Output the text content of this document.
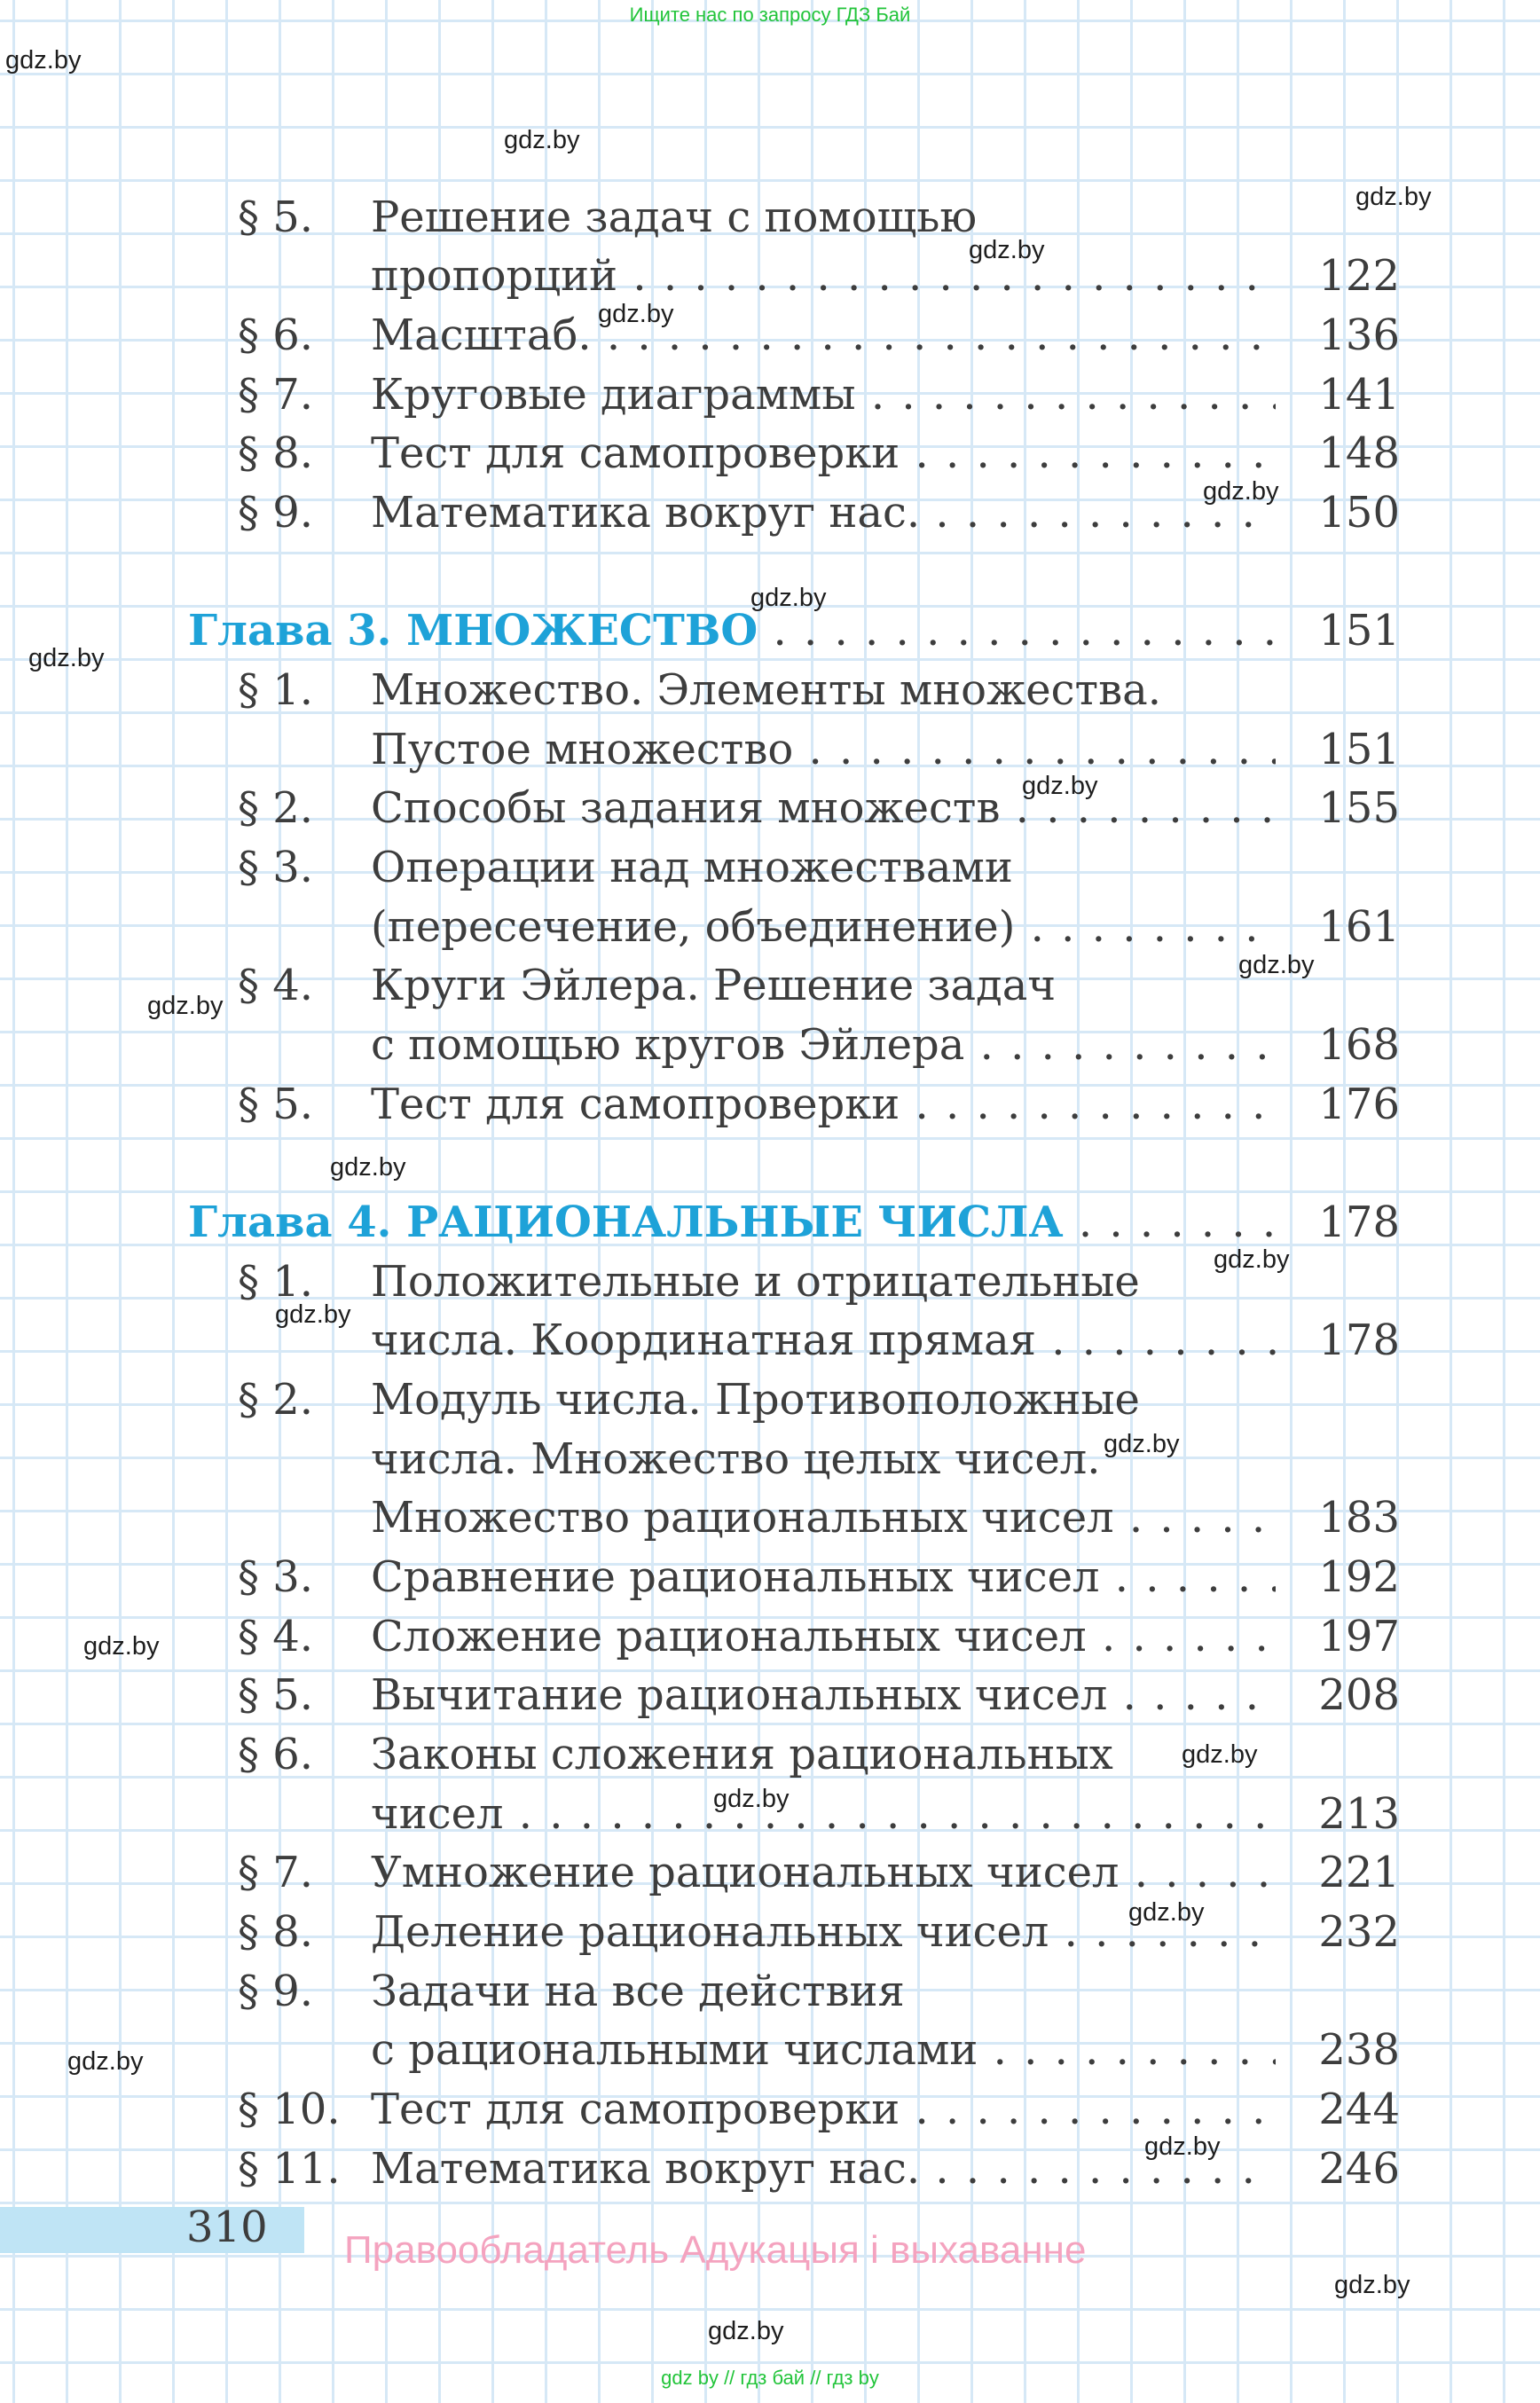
Ищите нас по запросу ГДЗ Бай
gdz.by
gdz.by
gdz.by
gdz.by
gdz.by
gdz.by
gdz.by
gdz.by
gdz.by
gdz.by
gdz.by
gdz.by
gdz.by
gdz.by
gdz.by
gdz.by
gdz.by
gdz.by
gdz.by
gdz.by
gdz.by
gdz.by
gdz.by
§ 5. Решение задач с помощью
пропорций . . .	122
§ 6. Масштаб. . . .	136
§ 7. Круговые диаграммы . . .	141
§ 8. Тест для самопроверки . . .	148
§ 9. Математика вокруг нас. . . .	150
Глава 3. МНОЖЕСТВО . . .	151
§ 1. Множество. Элементы множества.
Пустое множество . . .	151
§ 2. Способы задания множеств . . .	155
§ 3. Операции над множествами
(пересечение, объединение) . . .	161
§ 4. Круги Эйлера. Решение задач
с помощью кругов Эйлера . . .	168
§ 5. Тест для самопроверки . . .	176
Глава 4. РАЦИОНАЛЬНЫЕ ЧИСЛА . . .	178
§ 1. Положительные и отрицательные
числа. Координатная прямая . . .	178
§ 2. Модуль числа. Противоположные
числа. Множество целых чисел.
Множество рациональных чисел . . .	183
§ 3. Сравнение рациональных чисел . . .	192
§ 4. Сложение рациональных чисел . . .	197
§ 5. Вычитание рациональных чисел . . .	208
§ 6. Законы сложения рациональных
чисел . . .	213
§ 7. Умножение рациональных чисел . . .	221
§ 8. Деление рациональных чисел . . .	232
§ 9. Задачи на все действия
с рациональными числами . . .	238
§ 10. Тест для самопроверки . . .	244
§ 11. Математика вокруг нас. . . .	246
310 Правообладатель Адукацыя і выхаванне
gdz by // гдз бай // гдз by
